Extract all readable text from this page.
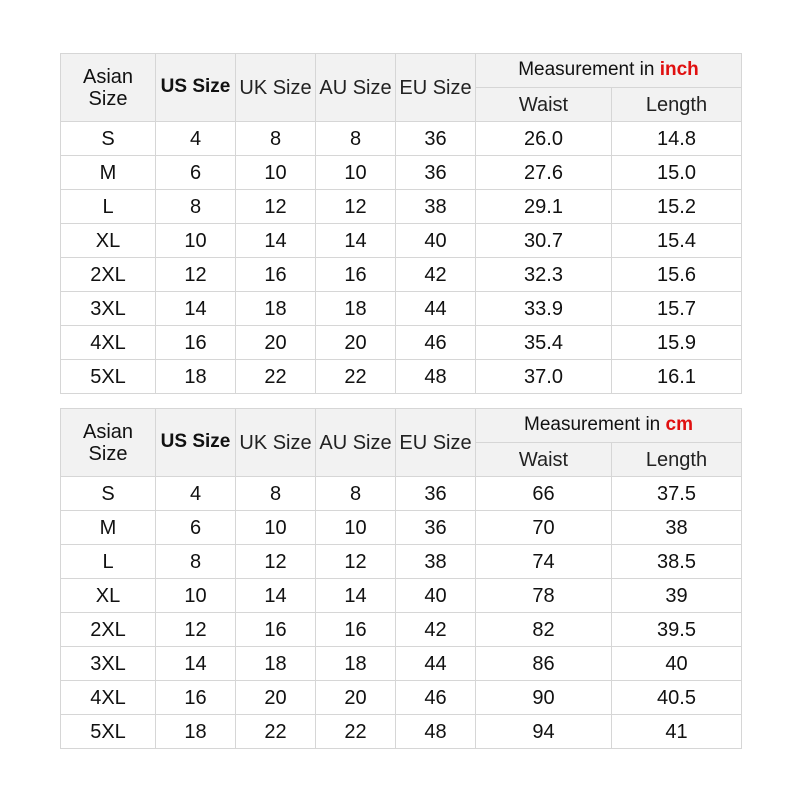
Asian Size	US Size	UK Size	AU Size	EU Size	Measurement in inch	
					Waist	Length
S	4	8	8	36	26.0	14.8
M	6	10	10	36	27.6	15.0
L	8	12	12	38	29.1	15.2
XL	10	14	14	40	30.7	15.4
2XL	12	16	16	42	32.3	15.6
3XL	14	18	18	44	33.9	15.7
4XL	16	20	20	46	35.4	15.9
5XL	18	22	22	48	37.0	16.1
Asian Size	US Size	UK Size	AU Size	EU Size	Measurement in cm	
					Waist	Length
S	4	8	8	36	66	37.5
M	6	10	10	36	70	38
L	8	12	12	38	74	38.5
XL	10	14	14	40	78	39
2XL	12	16	16	42	82	39.5
3XL	14	18	18	44	86	40
4XL	16	20	20	46	90	40.5
5XL	18	22	22	48	94	41
